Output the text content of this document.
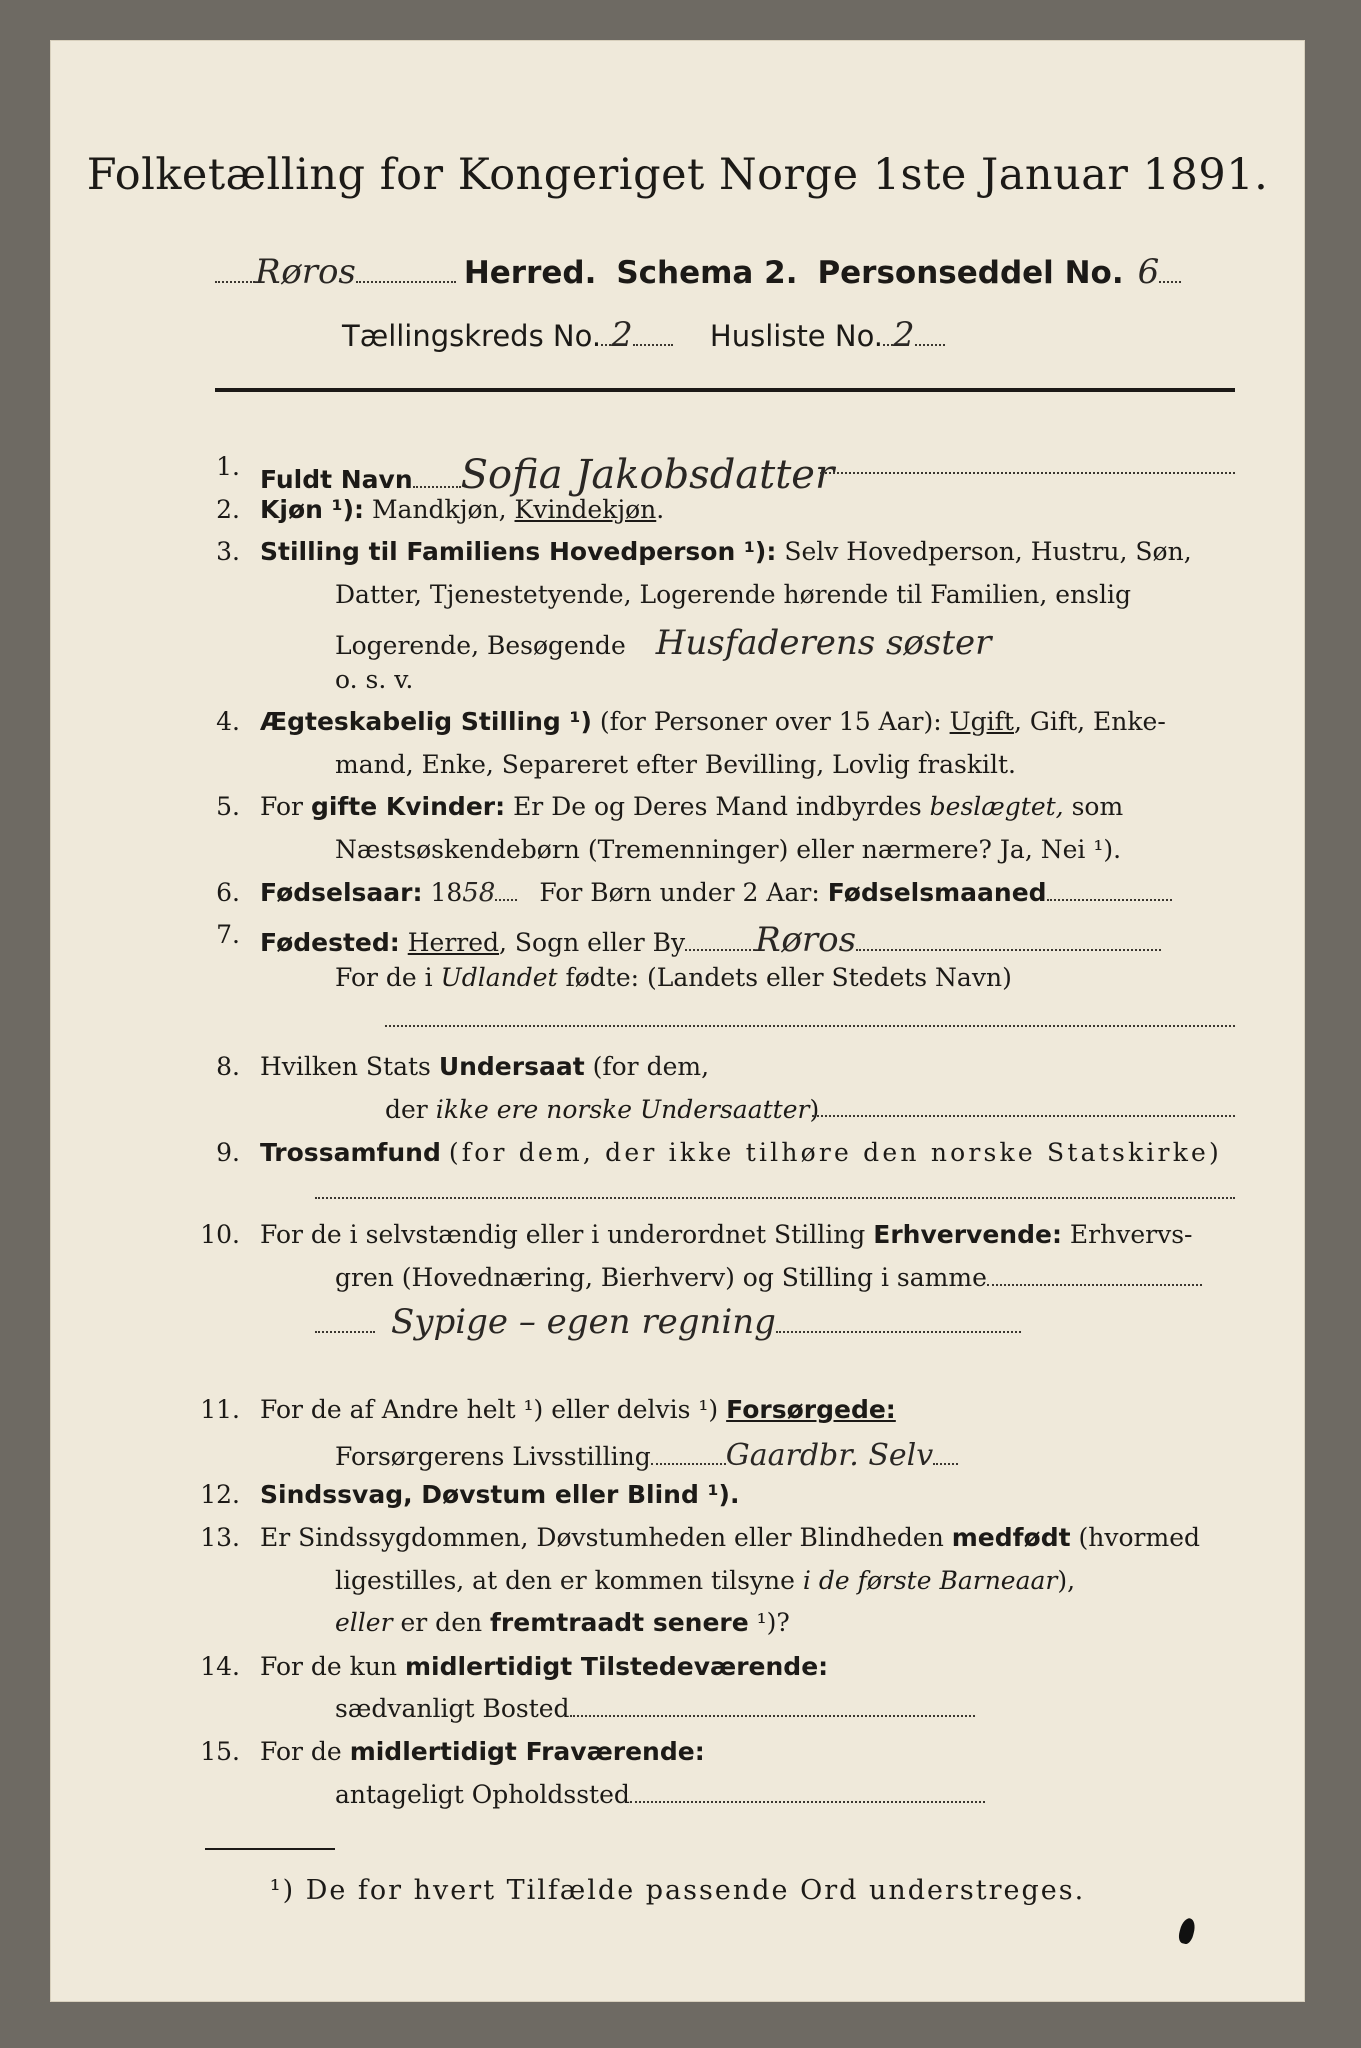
Folketælling for Kongeriget Norge 1ste Januar 1891.
Røros	Herred. Schema 2. Personseddel No. 6
Tællingskreds No. 2	Husliste No. 2
1. Fuldt Navn Sofia Jakobsdatter
2. Kjøn ¹): Mandkjøn, Kvindekjøn.
3. Stilling til Familiens Hovedperson ¹): Selv Hovedperson, Hustru, Søn,
Datter, Tjenestetyende, Logerende hørende til Familien, enslig
Logerende, Besøgende Husfaderens søster
o. s. v.
4. Ægteskabelig Stilling ¹) (for Personer over 15 Aar): Ugift, Gift, Enke-
mand, Enke, Separeret efter Bevilling, Lovlig fraskilt.
5. For gifte Kvinder: Er De og Deres Mand indbyrdes beslægtet, som
Næstsøskendebørn (Tremenninger) eller nærmere? Ja, Nei ¹).
6. Fødselsaar: 1858 For Børn under 2 Aar: Fødselsmaaned
7. Fødested: Herred, Sogn eller By Røros
For de i Udlandet fødte: (Landets eller Stedets Navn)
8. Hvilken Stats Undersaat (for dem,
der ikke ere norske Undersaatter)
9. Trossamfund (for dem, der ikke tilhøre den norske Statskirke)
10. For de i selvstændig eller i underordnet Stilling Erhvervende: Erhvervs-
gren (Hovednæring, Bierhverv) og Stilling i samme
Sypige – egen regning
11. For de af Andre helt ¹) eller delvis ¹) Forsørgede:
Forsørgerens Livsstilling	Gaardbr. Selv
12. Sindssvag, Døvstum eller Blind ¹).
13. Er Sindssygdommen, Døvstumheden eller Blindheden medfødt (hvormed
ligestilles, at den er kommen tilsyne i de første Barneaar),
eller er den fremtraadt senere ¹)?
14. For de kun midlertidigt Tilstedeværende:
sædvanligt Bosted
15. For de midlertidigt Fraværende:
antageligt Opholdssted
¹) De for hvert Tilfælde passende Ord understreges.
